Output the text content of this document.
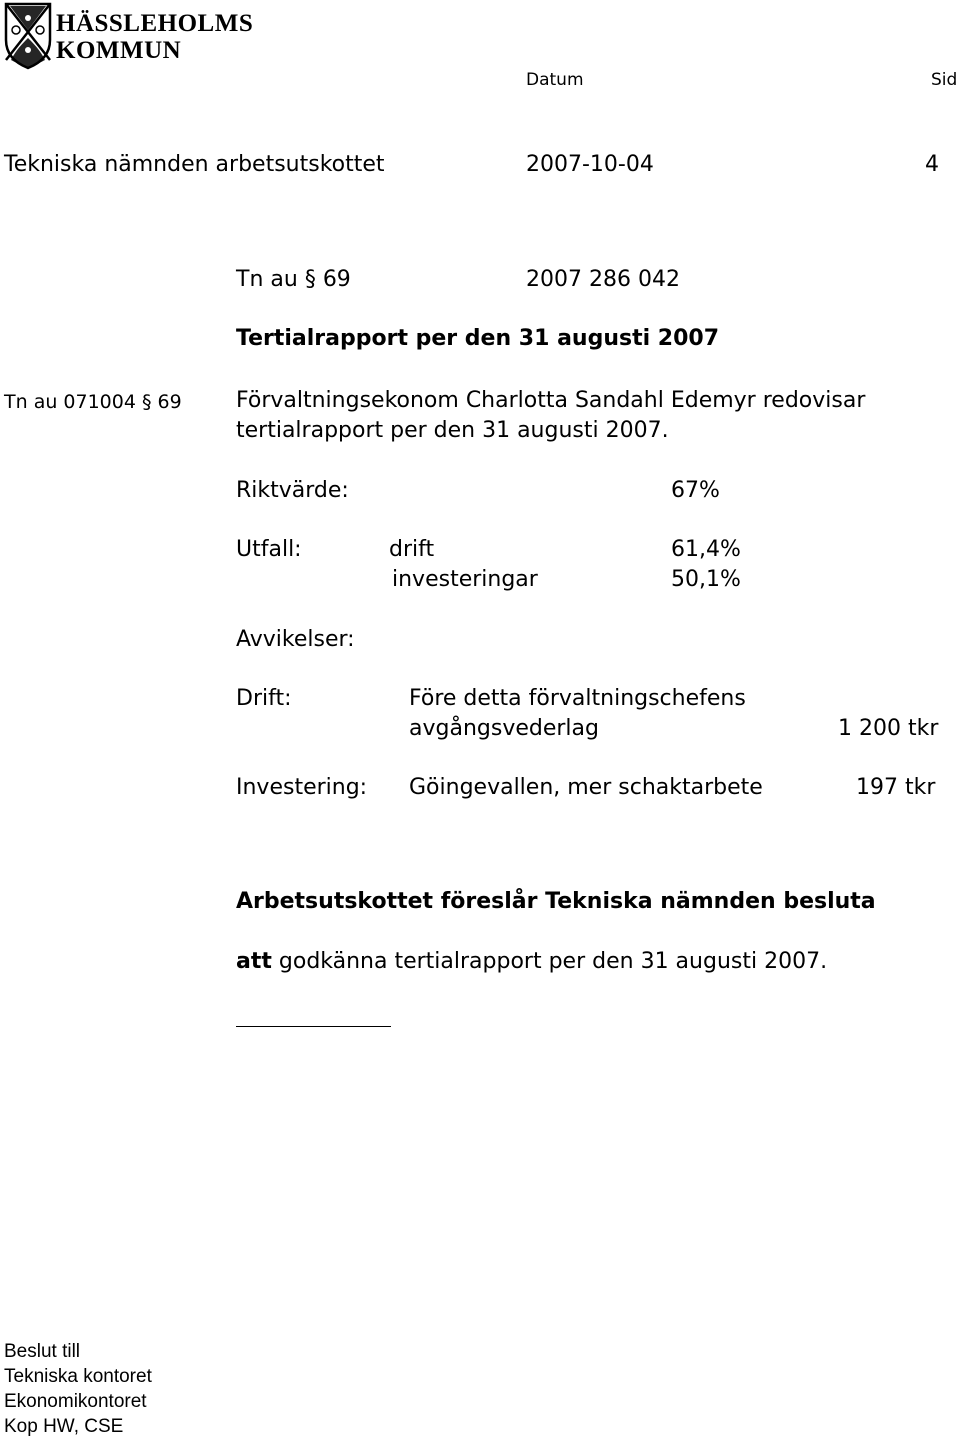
HÄSSLEHOLMS
KOMMUN
Datum	Sid
Tekniska nämnden arbetsutskottet	2007-10-04	4
Tn au § 69	2007 286 042
Tertialrapport per den 31 augusti 2007
Tn au 071004 § 69 Förvaltningsekonom Charlotta Sandahl Edemyr redovisar
tertialrapport per den 31 augusti 2007.
Riktvärde:	67%
Utfall:	drift	61,4%
investeringar	50,1%
Avvikelser:
Drift:	Före detta förvaltningschefens
avgångsvederlag	1 200 tkr
Investering: Göingevallen, mer schaktarbete	197 tkr
Arbetsutskottet föreslår Tekniska nämnden besluta
att godkänna tertialrapport per den 31 augusti 2007.
Beslut till
Tekniska kontoret
Ekonomikontoret
Kop HW, CSE
